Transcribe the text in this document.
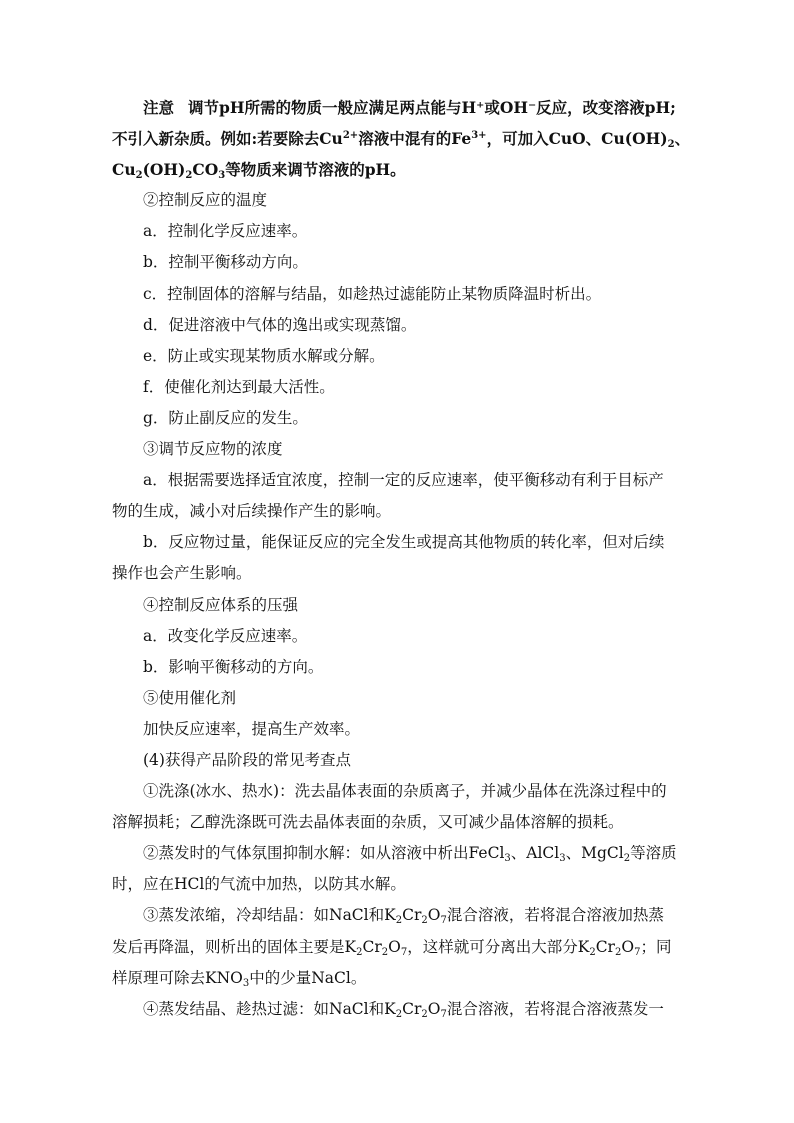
注意 调节pH所需的物质一般应满足两点能与H⁺或OH⁻反应，改变溶液pH;
不引入新杂质。例如:若要除去$Cu^{2+}$溶液中混有的$Fe^{3+}$，可加入CuO、$Cu(OH)_2$、
$Cu_2(OH)_2CO_3$等物质来调节溶液的pH。
②控制反应的温度
a．控制化学反应速率。
b．控制平衡移动方向。
c．控制固体的溶解与结晶，如趁热过滤能防止某物质降温时析出。
d．促进溶液中气体的逸出或实现蒸馏。
e．防止或实现某物质水解或分解。
f．使催化剂达到最大活性。
g．防止副反应的发生。
③调节反应物的浓度
a．根据需要选择适宜浓度，控制一定的反应速率，使平衡移动有利于目标产
物的生成，减小对后续操作产生的影响。
b．反应物过量，能保证反应的完全发生或提高其他物质的转化率，但对后续
操作也会产生影响。
④控制反应体系的压强
a．改变化学反应速率。
b．影响平衡移动的方向。
⑤使用催化剂
加快反应速率，提高生产效率。
(4)获得产品阶段的常见考查点
①洗涤(冰水、热水)：洗去晶体表面的杂质离子，并减少晶体在洗涤过程中的
溶解损耗；乙醇洗涤既可洗去晶体表面的杂质，又可减少晶体溶解的损耗。
②蒸发时的气体氛围抑制水解：如从溶液中析出FeCl$_3$、AlCl$_3$、MgCl$_2$等溶质
时，应在HCl的气流中加热，以防其水解。
③蒸发浓缩，冷却结晶：如NaCl和$K_2Cr_2O_7$混合溶液，若将混合溶液加热蒸
发后再降温，则析出的固体主要是$K_2Cr_2O_7$，这样就可分离出大部分$K_2Cr_2O_7$；同
样原理可除去$KNO_3$中的少量NaCl。
④蒸发结晶、趁热过滤：如NaCl和$K_2Cr_2O_7$混合溶液，若将混合溶液蒸发一
